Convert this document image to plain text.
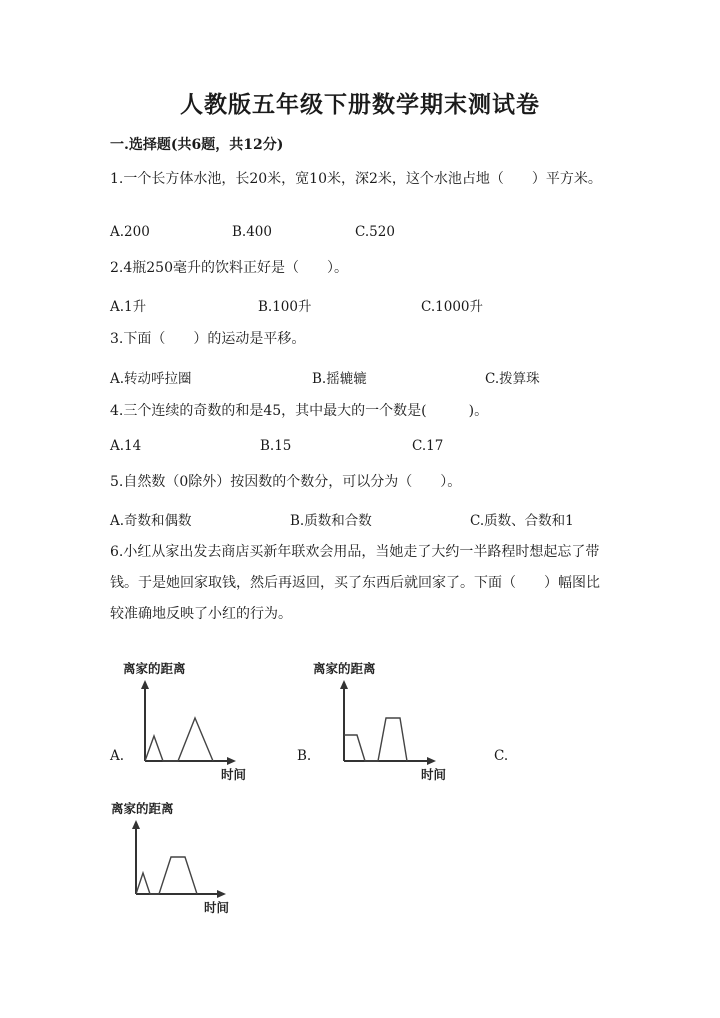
人教版五年级下册数学期末测试卷
一.选择题(共6题，共12分)
1.一个长方体水池，长20米，宽10米，深2米，这个水池占地（　　）平方米。
A.200	B.400	C.520
2.4瓶250毫升的饮料正好是（　　）。
A.1升	B.100升	C.1000升
3.下面（　　）的运动是平移。
A.转动呼拉圈	B.摇辘辘	C.拨算珠
4.三个连续的奇数的和是45，其中最大的一个数是(　　　)。
A.14	B.15	C.17
5.自然数（0除外）按因数的个数分，可以分为（　　）。
A.奇数和偶数	B.质数和合数	C.质数、合数和1
6.小红从家出发去商店买新年联欢会用品，当她走了大约一半路程时想起忘了带钱。于是她回家取钱，然后再返回，买了东西后就回家了。下面（　　）幅图比较准确地反映了小红的行为。
A.	B.	C.
离家的距离
时间
离家的距离
时间
离家的距离
时间
